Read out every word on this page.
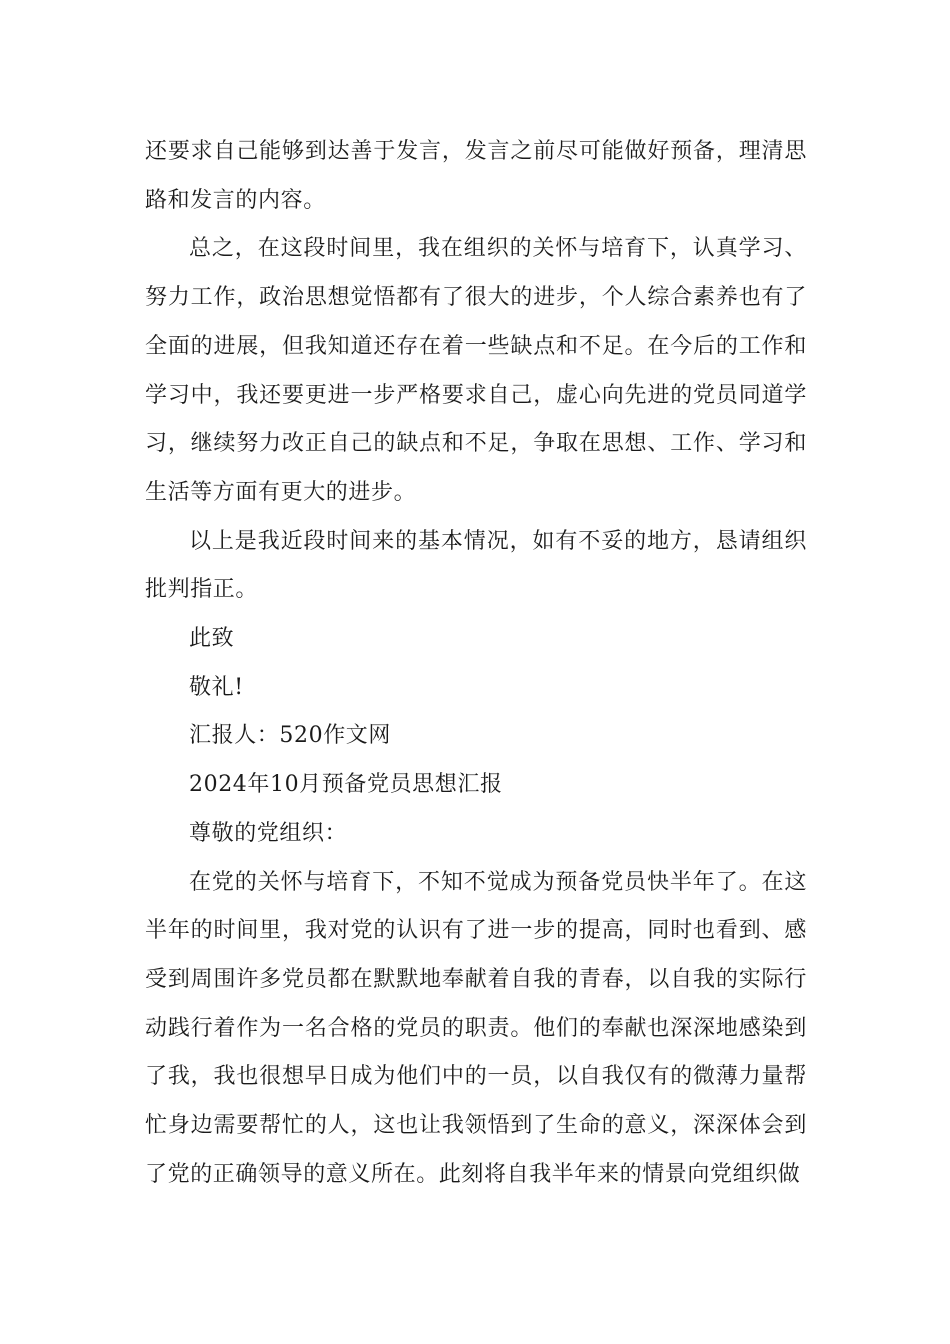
还要求自己能够到达善于发言，发言之前尽可能做好预备，理清思路和发言的内容。

总之，在这段时间里，我在组织的关怀与培育下，认真学习、努力工作，政治思想觉悟都有了很大的进步，个人综合素养也有了全面的进展，但我知道还存在着一些缺点和不足。在今后的工作和学习中，我还要更进一步严格要求自己，虚心向先进的党员同道学习，继续努力改正自己的缺点和不足，争取在思想、工作、学习和生活等方面有更大的进步。

以上是我近段时间来的基本情况，如有不妥的地方，恳请组织批判指正。

此致

敬礼!

汇报人：520作文网

2024年10月预备党员思想汇报

尊敬的党组织：

在党的关怀与培育下，不知不觉成为预备党员快半年了。在这半年的时间里，我对党的认识有了进一步的提高，同时也看到、感受到周围许多党员都在默默地奉献着自我的青春，以自我的实际行动践行着作为一名合格的党员的职责。他们的奉献也深深地感染到了我，我也很想早日成为他们中的一员，以自我仅有的微薄力量帮忙身边需要帮忙的人，这也让我领悟到了生命的意义，深深体会到了党的正确领导的意义所在。此刻将自我半年来的情景向党组织做
